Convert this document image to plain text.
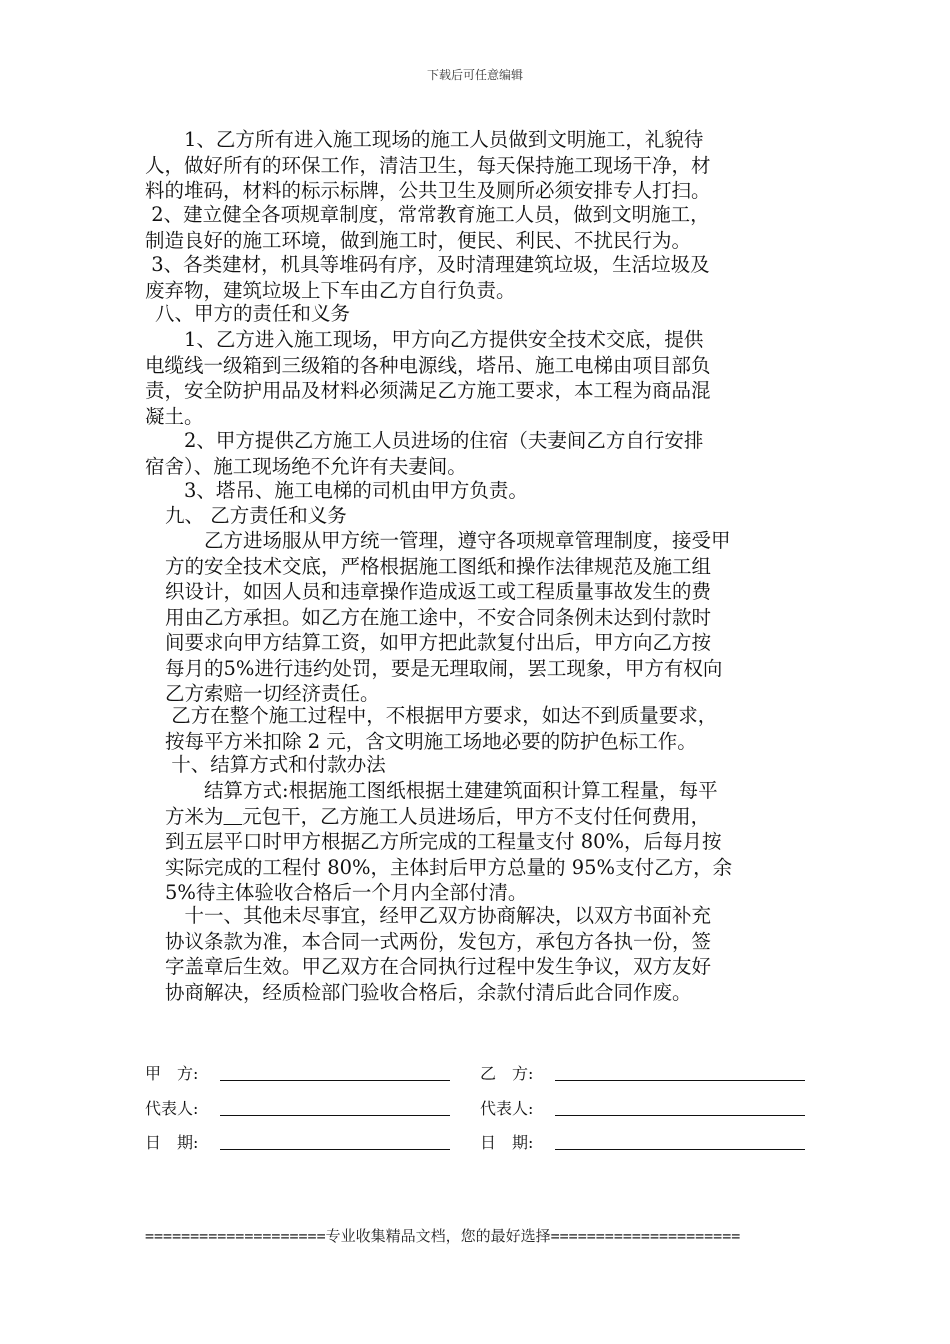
下载后可任意编辑

　　1、乙方所有进入施工现场的施工人员做到文明施工，礼貌待
人，做好所有的环保工作，清洁卫生，每天保持施工现场干净，材
料的堆码，材料的标示标牌，公共卫生及厕所必须安排专人打扫。

2、建立健全各项规章制度，常常教育施工人员，做到文明施工，
制造良好的施工环境，做到施工时，便民、利民、不扰民行为。

3、各类建材，机具等堆码有序，及时清理建筑垃圾，生活垃圾及
废弃物，建筑垃圾上下车由乙方自行负责。

八、甲方的责任和义务

　　1、乙方进入施工现场，甲方向乙方提供安全技术交底，提供
电缆线一级箱到三级箱的各种电源线，塔吊、施工电梯由项目部负
责，安全防护用品及材料必须满足乙方施工要求，本工程为商品混
凝土。

　　2、甲方提供乙方施工人员进场的住宿（夫妻间乙方自行安排
宿舍）、施工现场绝不允许有夫妻间。

　　3、塔吊、施工电梯的司机由甲方负责。

九、 乙方责任和义务

　　乙方进场服从甲方统一管理，遵守各项规章管理制度，接受甲
方的安全技术交底，严格根据施工图纸和操作法律规范及施工组
织设计，如因人员和违章操作造成返工或工程质量事故发生的费
用由乙方承担。如乙方在施工途中，不安合同条例未达到付款时
间要求向甲方结算工资，如甲方把此款复付出后，甲方向乙方按
每月的5%进行违约处罚，要是无理取闹，罢工现象，甲方有权向
乙方索赔一切经济责任。

乙方在整个施工过程中，不根据甲方要求，如达不到质量要求，
按每平方米扣除 2 元，含文明施工场地必要的防护色标工作。

十、结算方式和付款办法

　　结算方式:根据施工图纸根据土建建筑面积计算工程量，每平
方米为 元包干，乙方施工人员进场后，甲方不支付任何费用，
到五层平口时甲方根据乙方所完成的工程量支付 80%，后每月按
实际完成的工程付 80%，主体封后甲方总量的 95%支付乙方，余
5%待主体验收合格后一个月内全部付清。

　十一、其他未尽事宜，经甲乙双方协商解决，以双方书面补充
协议条款为准，本合同一式两份，发包方，承包方各执一份，签
字盖章后生效。甲乙双方在合同执行过程中发生争议，双方友好
协商解决，经质检部门验收合格后，余款付清后此合同作废。

甲　方:	乙　方:
代表人:	代表人:
日　期:	日　期:
====================专业收集精品文档，您的最好选择=====================
